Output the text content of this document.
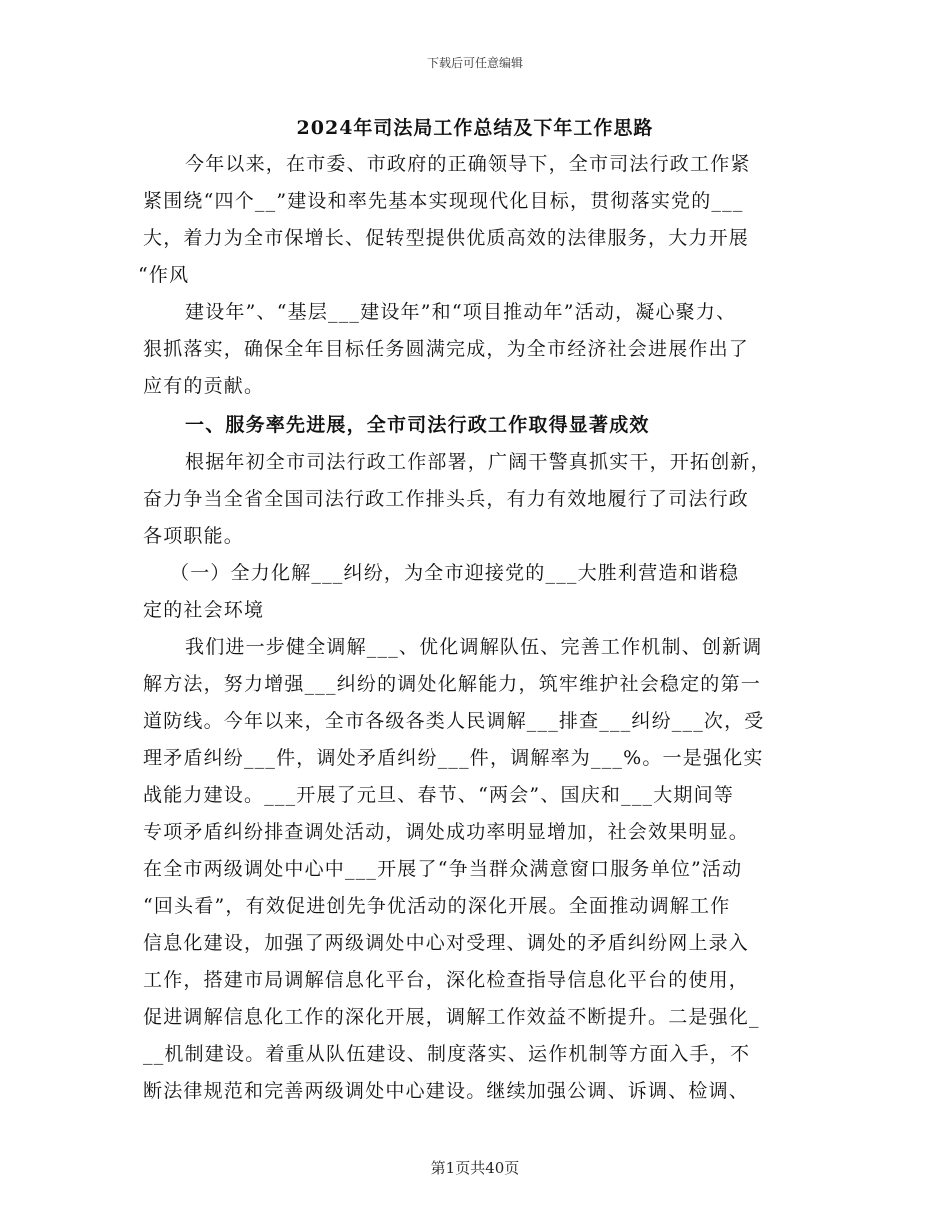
下载后可任意编辑
2024年司法局工作总结及下年工作思路
今年以来，在市委、市政府的正确领导下，全市司法行政工作紧
紧围绕“四个__”建设和率先基本实现现代化目标，贯彻落实党的___
大，着力为全市保增长、促转型提供优质高效的法律服务，大力开展
“作风
建设年”、“基层___建设年”和“项目推动年”活动，凝心聚力、
狠抓落实，确保全年目标任务圆满完成，为全市经济社会进展作出了
应有的贡献。
一、服务率先进展，全市司法行政工作取得显著成效
根据年初全市司法行政工作部署，广阔干警真抓实干，开拓创新，
奋力争当全省全国司法行政工作排头兵，有力有效地履行了司法行政
各项职能。
（一）全力化解___纠纷，为全市迎接党的___大胜利营造和谐稳
定的社会环境
我们进一步健全调解___、优化调解队伍、完善工作机制、创新调
解方法，努力增强___纠纷的调处化解能力，筑牢维护社会稳定的第一
道防线。今年以来，全市各级各类人民调解___排查___纠纷___次，受
理矛盾纠纷___件，调处矛盾纠纷___件，调解率为___%。一是强化实
战能力建设。___开展了元旦、春节、“两会”、国庆和___大期间等
专项矛盾纠纷排查调处活动，调处成功率明显增加，社会效果明显。
在全市两级调处中心中___开展了“争当群众满意窗口服务单位”活动
“回头看”，有效促进创先争优活动的深化开展。全面推动调解工作
信息化建设，加强了两级调处中心对受理、调处的矛盾纠纷网上录入
工作，搭建市局调解信息化平台，深化检查指导信息化平台的使用，
促进调解信息化工作的深化开展，调解工作效益不断提升。二是强化_
__机制建设。着重从队伍建设、制度落实、运作机制等方面入手，不
断法律规范和完善两级调处中心建设。继续加强公调、诉调、检调、
第1页共40页
